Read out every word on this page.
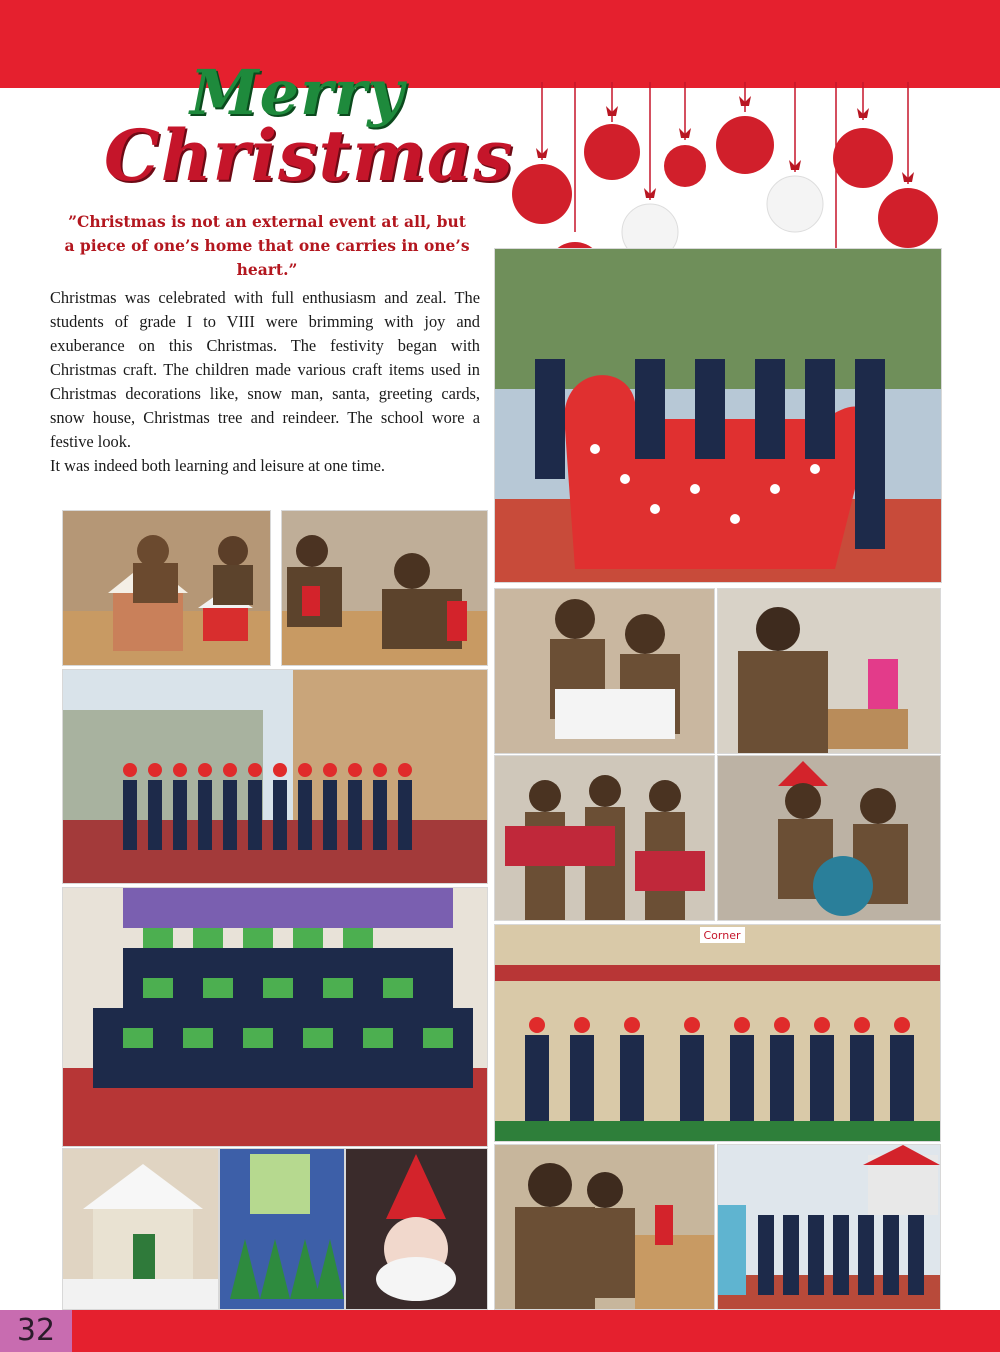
Merry
Christmas
”Christmas is not an external event at all, but a piece of one’s home that one carries in one’s heart.”

Christmas was celebrated with full enthusiasm and zeal. The students of grade I to VIII were brimming with joy and exuberance on this Christmas. The festivity began with Christmas craft. The children made various craft items used in Christmas decorations like, snow man, santa, greeting cards, snow house, Christmas tree and reindeer. The school wore a festive look.

It was indeed both learning and leisure at one time.

Corner
32
